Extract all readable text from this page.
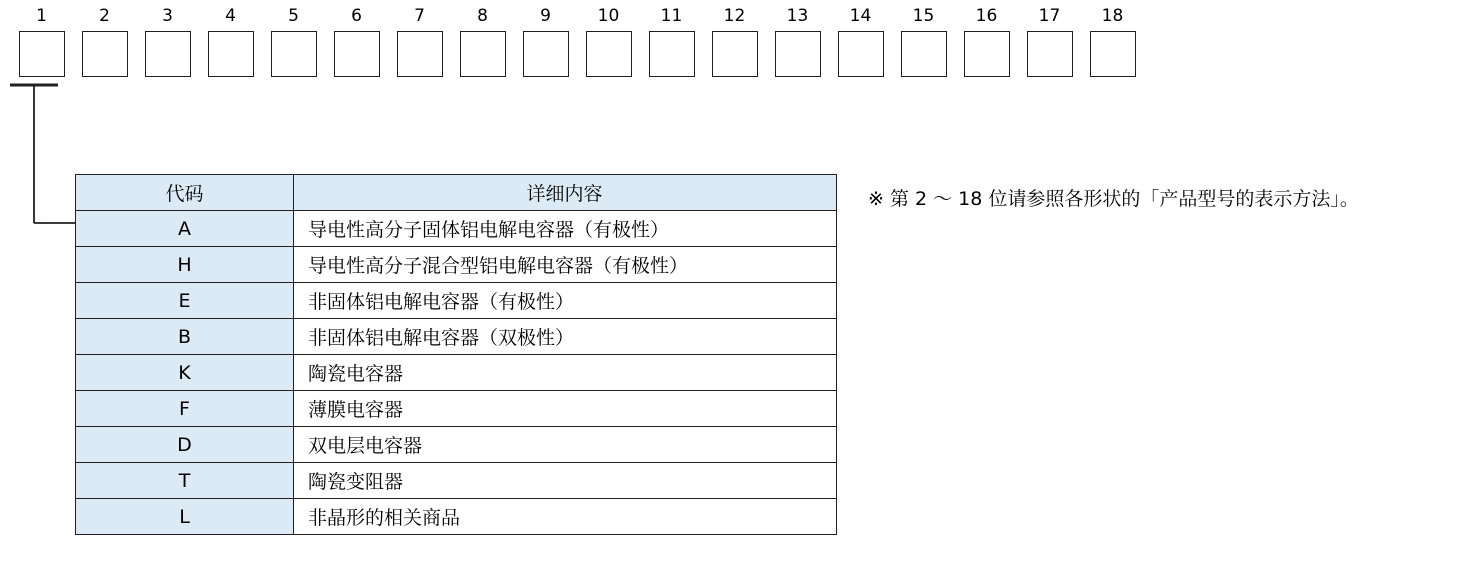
1	2	3	4	5	6	7	8	9	10 11 12 13 14 15 16 17 18
代码	详细内容
A	导电性高分子固体铝电解电容器（有极性）
H	导电性高分子混合型铝电解电容器（有极性）
E	非固体铝电解电容器（有极性）
B	非固体铝电解电容器（双极性）
K	陶瓷电容器
F	薄膜电容器
D	双电层电容器
T	陶瓷变阻器
L	非晶形的相关商品
※ 第 2 ～ 18 位请参照各形状的「产品型号的表示方法」。
